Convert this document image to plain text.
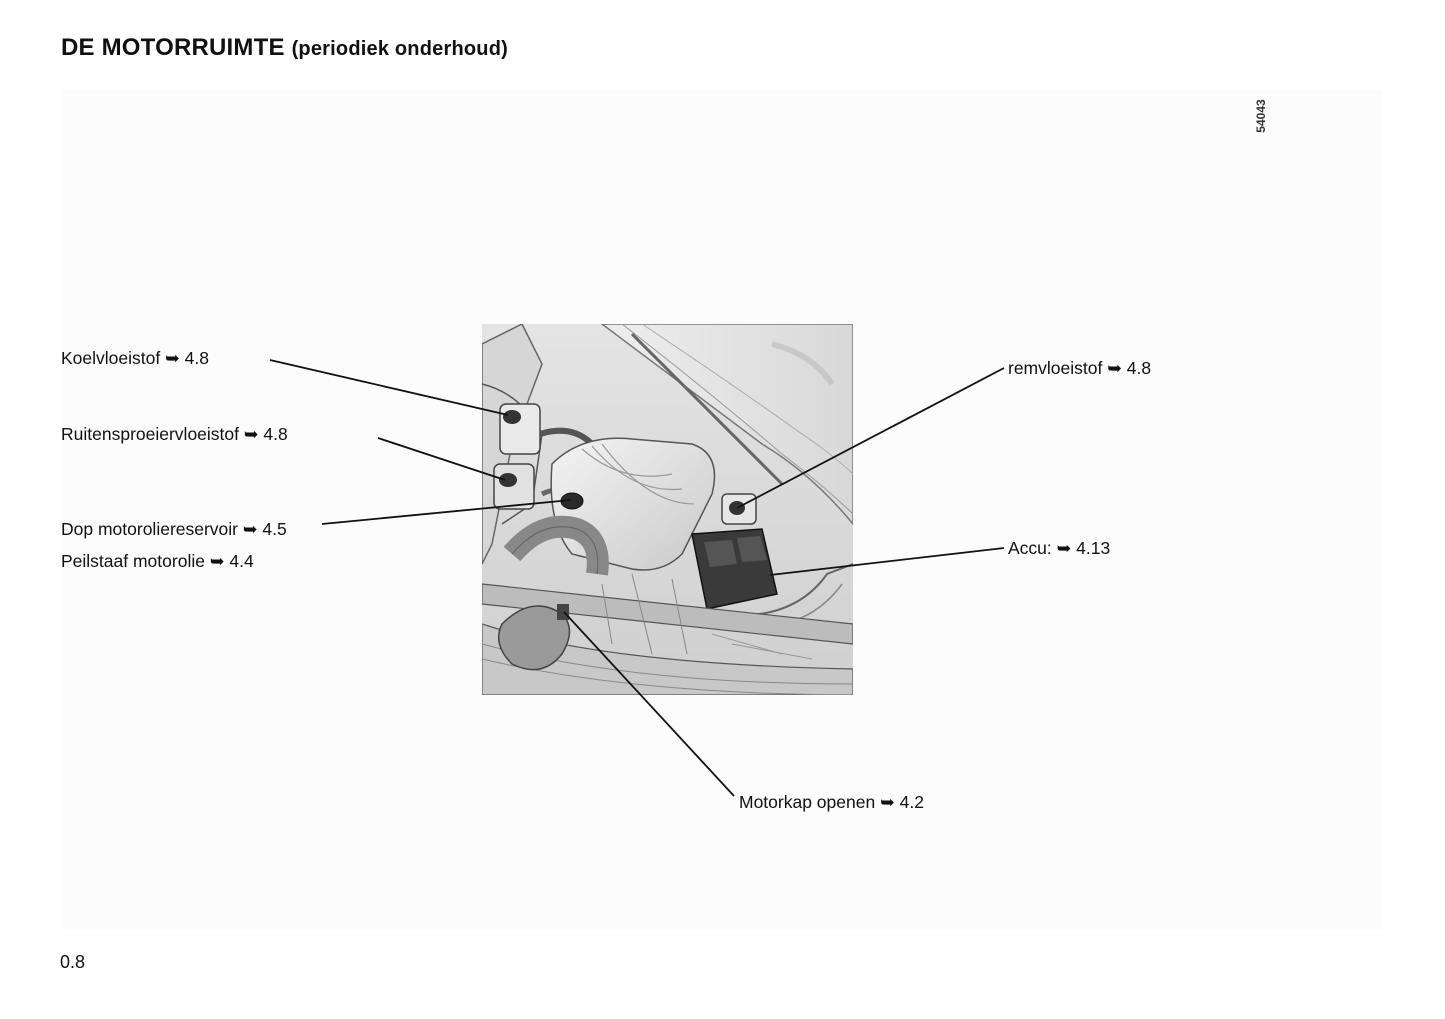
DE MOTORRUIMTE (periodiek onderhoud)
54043
Koelvloeistof ➥ 4.8
Ruitensproeiervloeistof ➥ 4.8
Dop motoroliereservoir ➥ 4.5
Peilstaaf motorolie ➥ 4.4
remvloeistof ➥ 4.8
Accu: ➥ 4.13
Motorkap openen ➥ 4.2
0.8
